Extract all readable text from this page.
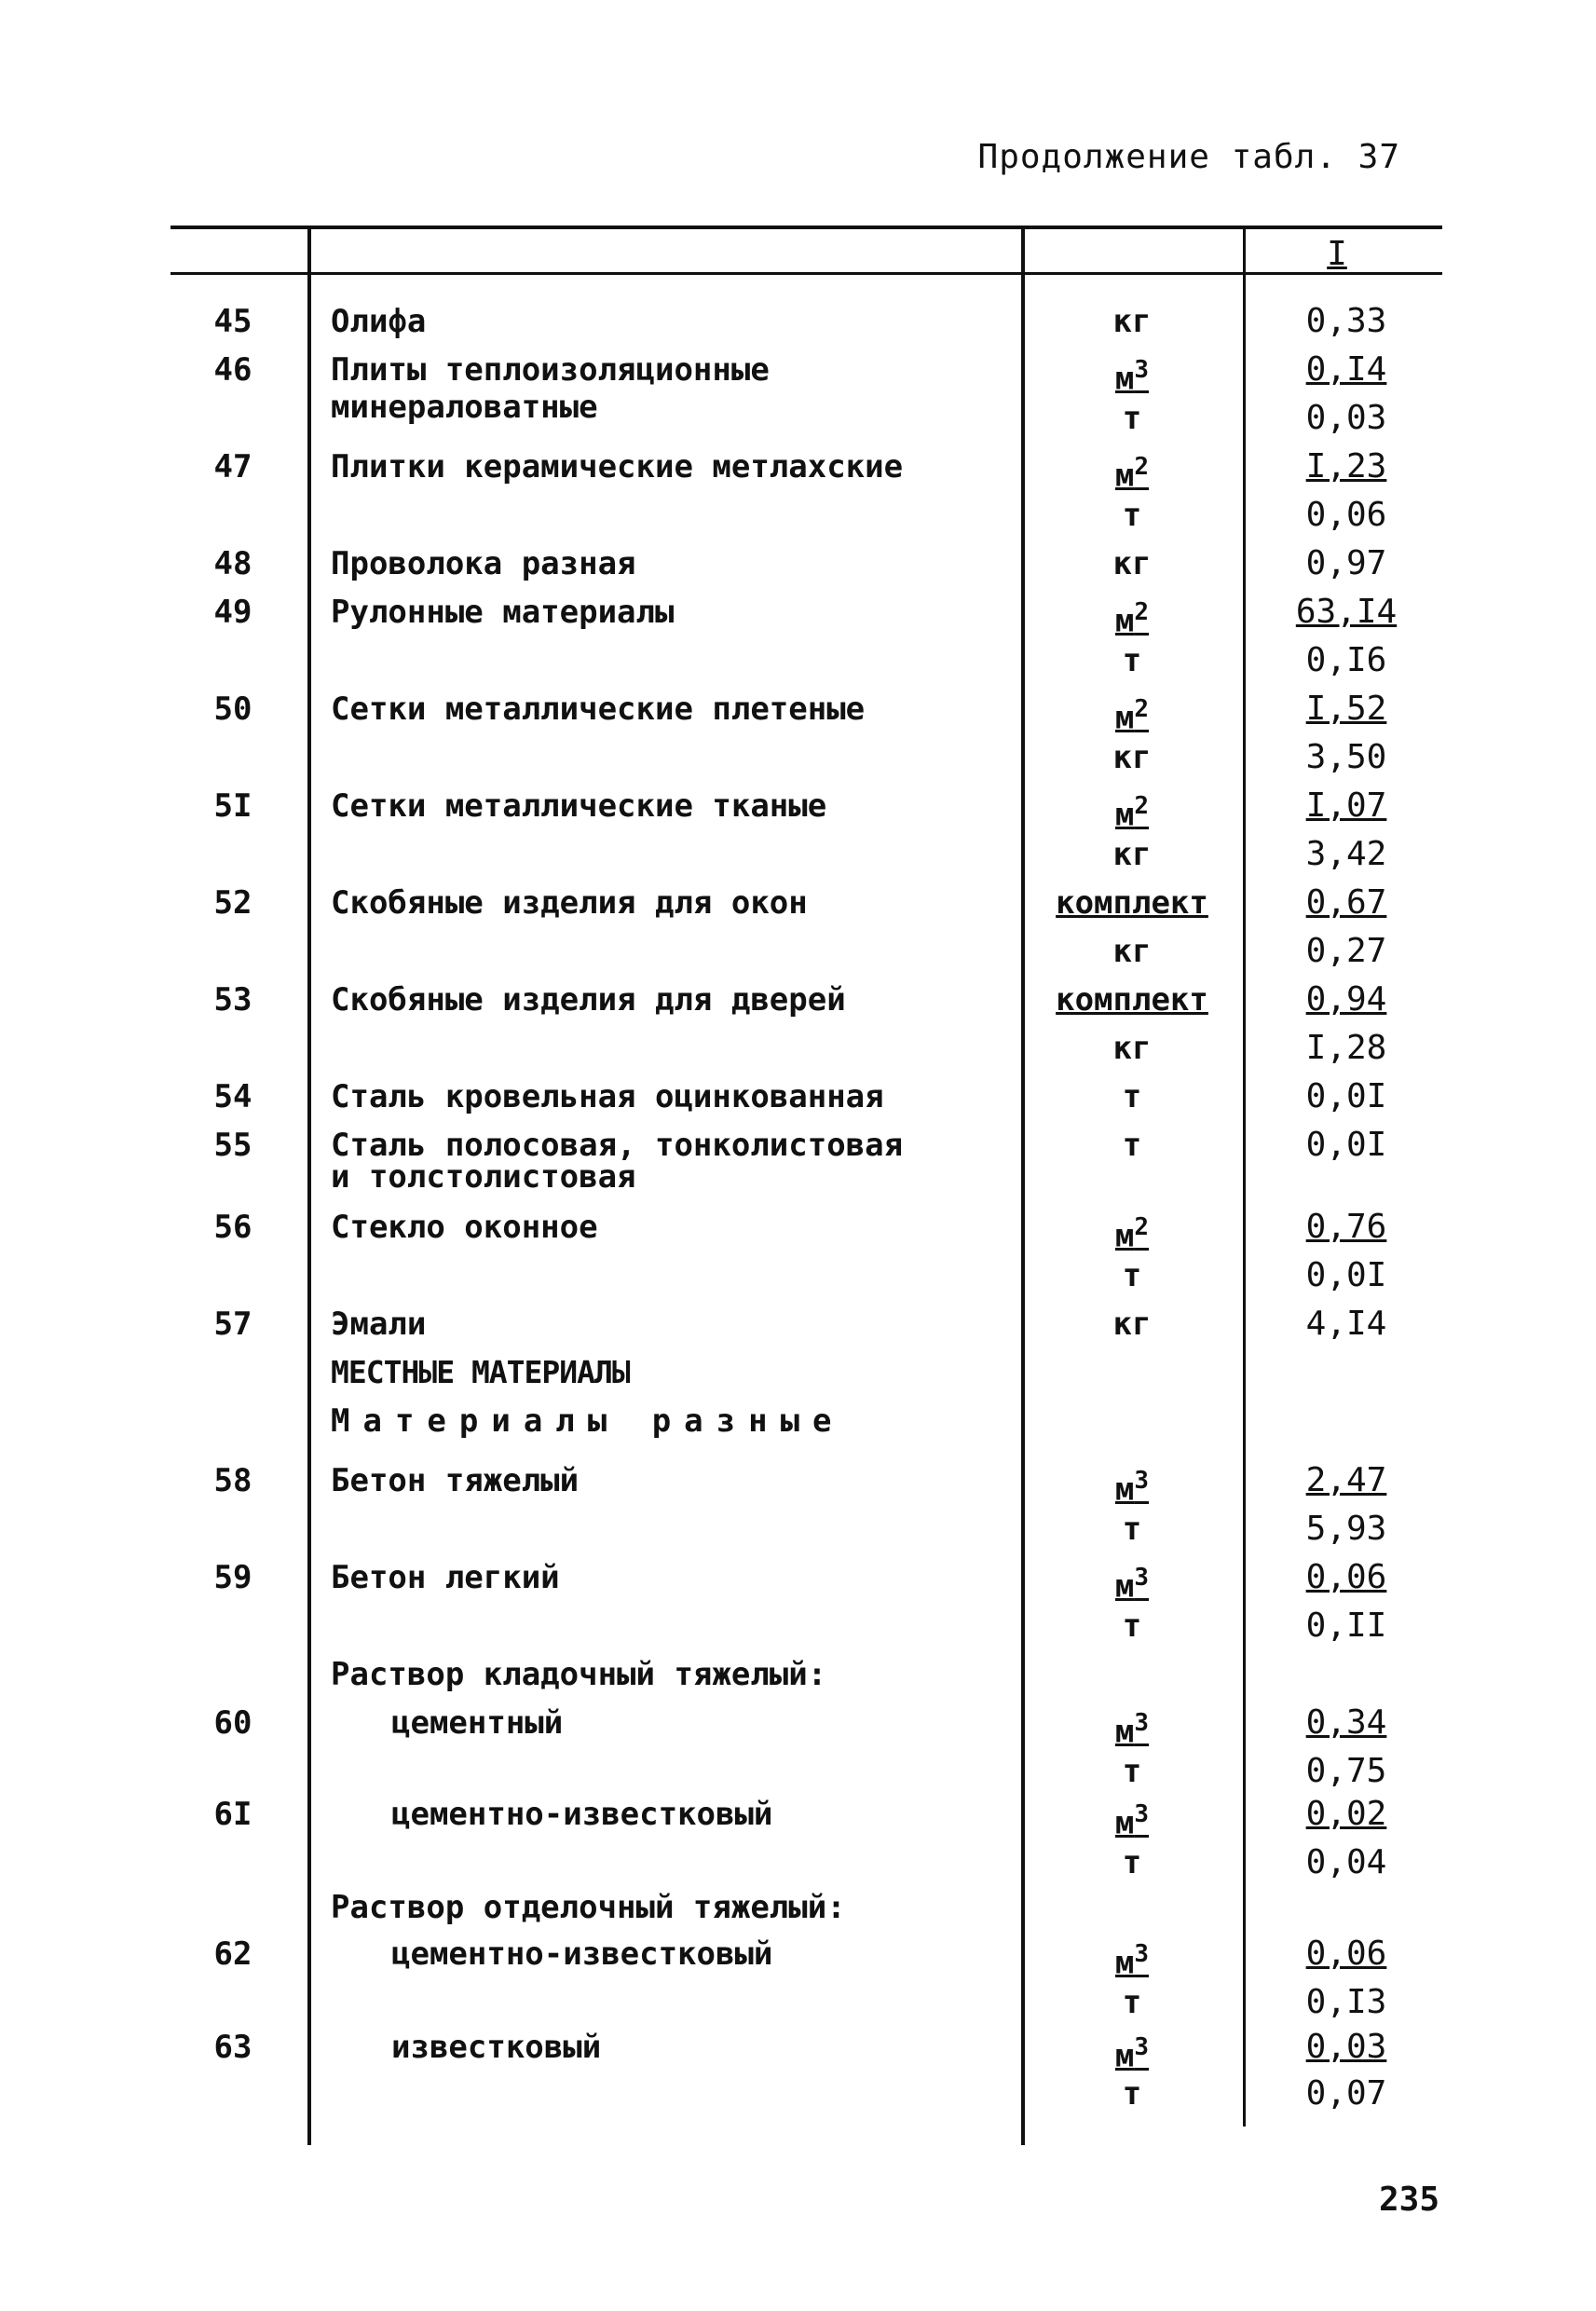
Продолжение табл. 37
I
45	Олифа	кг	0,33
46	Плиты теплоизоляционные	$м^3$	0,I4
минераловатные	т	0,03
47	Плитки керамические метлахские	$м^2$	I,23
т	0,06
48	Проволока разная	кг	0,97
49	Рулонные материалы	$м^2$	63,I4
т	0,I6
50	Сетки металлические плетеные	$м^2$	I,52
кг	3,50
5I	Сетки металлические тканые	$м^2$	I,07
кг	3,42
52	Скобяные изделия для окон	комплект	0,67
кг	0,27
53	Скобяные изделия для дверей	комплект	0,94
кг	I,28
54	Сталь кровельная оцинкованная	т	0,0I
55	Сталь полосовая, тонколистовая	т	0,0I
и толстолистовая
56	Стекло оконное	$м^2$	0,76
т	0,0I
57	Эмали	кг	4,I4
МЕСТНЫЕ МАТЕРИАЛЫ
Материалы разные
58	Бетон тяжелый	$м^3$	2,47
т	5,93
59	Бетон легкий	$м^3$	0,06
т	0,II
Раствор кладочный тяжелый:
60	цементный	$м^3$	0,34
т	0,75
6I	цементно-известковый	$м^3$	0,02
т	0,04
Раствор отделочный тяжелый:
62	цементно-известковый	$м^3$	0,06
т	0,I3
63	известковый	$м^3$	0,03
т	0,07
235
